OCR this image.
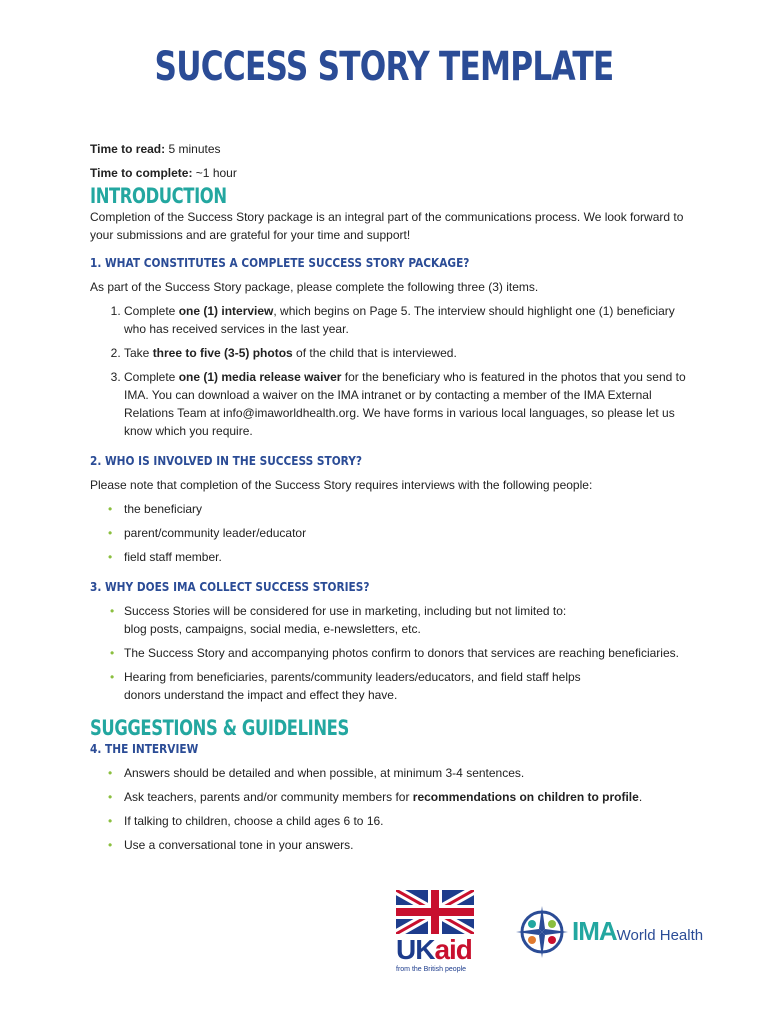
SUCCESS STORY TEMPLATE
Time to read: 5 minutes
Time to complete: ~1 hour
INTRODUCTION

Completion of the Success Story package is an integral part of the communications process. We look forward to your submissions and are grateful for your time and support!

1. WHAT CONSTITUTES A COMPLETE SUCCESS STORY PACKAGE?

As part of the Success Story package, please complete the following three (3) items.

1. Complete one (1) interview, which begins on Page 5. The interview should highlight one (1) beneficiary who has received services in the last year.
2. Take three to five (3-5) photos of the child that is interviewed.
3. Complete one (1) media release waiver for the beneficiary who is featured in the photos that you send to IMA. You can download a waiver on the IMA intranet or by contacting a member of the IMA External Relations Team at info@imaworldhealth.org. We have forms in various local languages, so please let us know which you require.
2. WHO IS INVOLVED IN THE SUCCESS STORY?

Please note that completion of the Success Story requires interviews with the following people:

• the beneficiary
• parent/community leader/educator
• field staff member.
3. WHY DOES IMA COLLECT SUCCESS STORIES?
• Success Stories will be considered for use in marketing, including but not limited to:
blog posts, campaigns, social media, e-newsletters, etc.
• The Success Story and accompanying photos confirm to donors that services are reaching beneficiaries.
• Hearing from beneficiaries, parents/community leaders/educators, and field staff helps
donors understand the impact and effect they have.
SUGGESTIONS & GUIDELINES
4. THE INTERVIEW
• Answers should be detailed and when possible, at minimum 3-4 sentences.
• Ask teachers, parents and/or community members for recommendations on children to profile.
• If talking to children, choose a child ages 6 to 16.
• Use a conversational tone in your answers.
UKaid
from the British people
IMAWorld Health
